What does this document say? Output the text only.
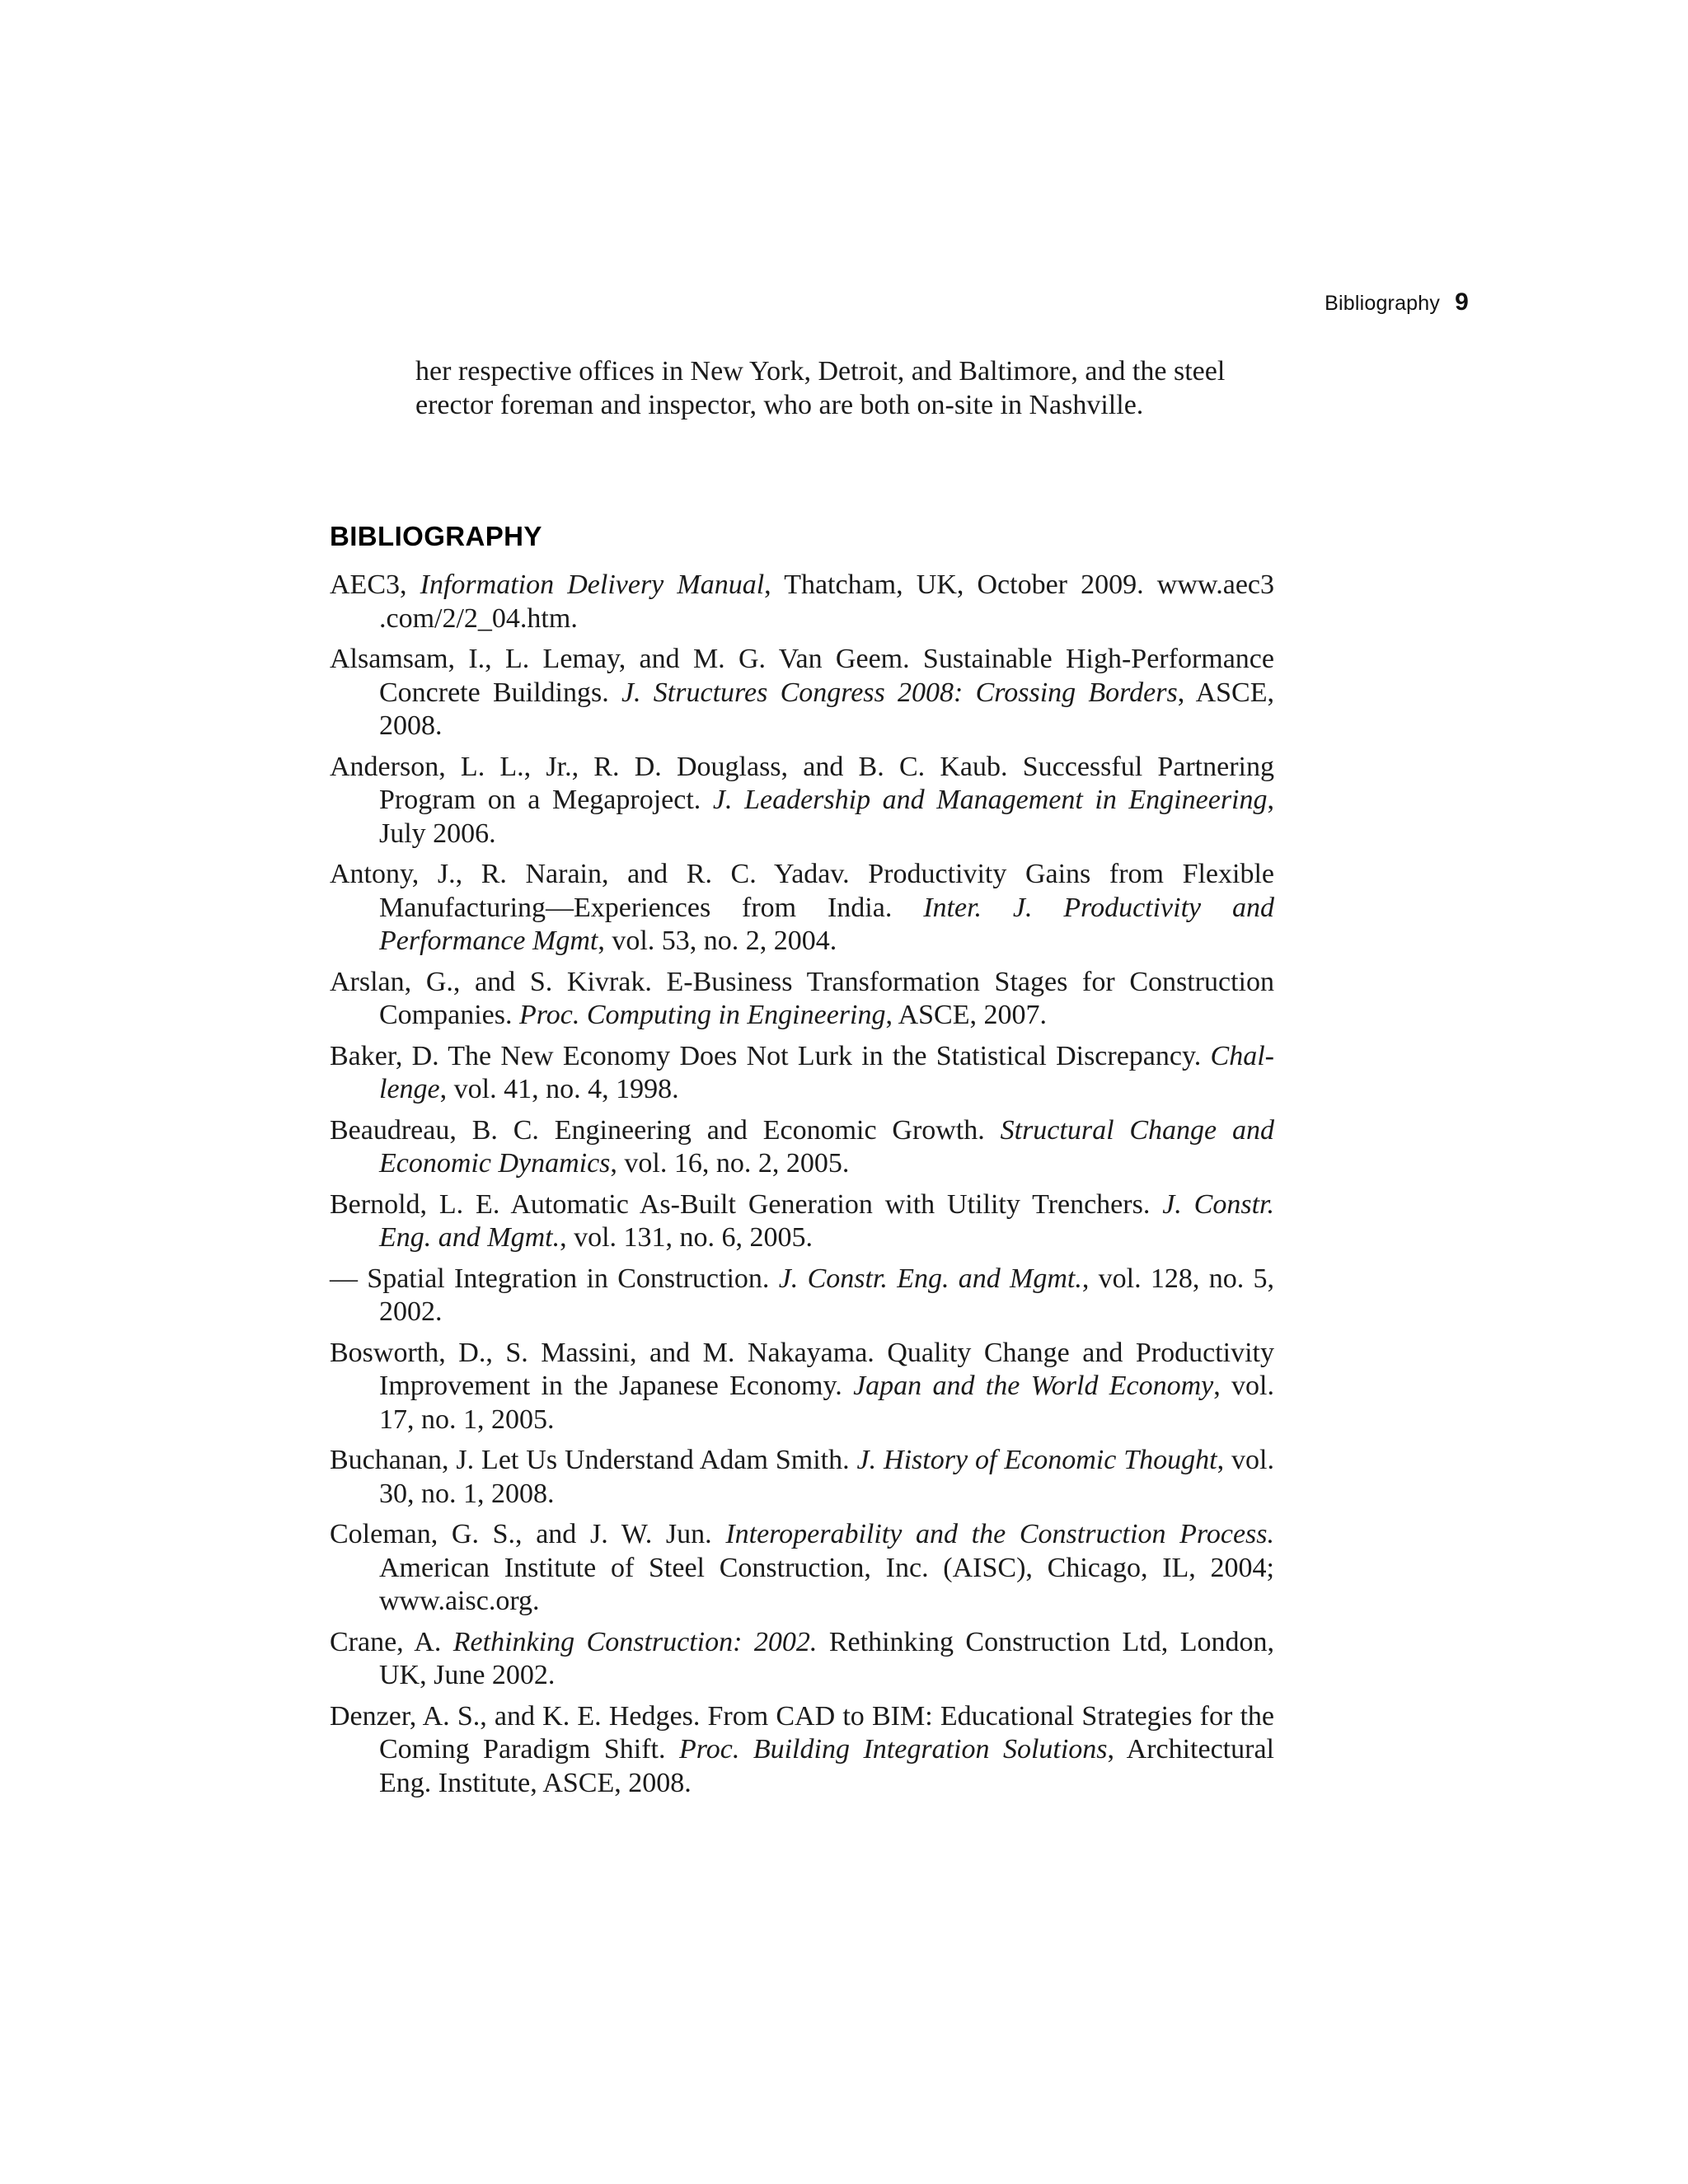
Bibliography 9

her respective offices in New York, Detroit, and Baltimore, and the steel erector foreman and inspector, who are both on-site in Nashville.

BIBLIOGRAPHY
AEC3, Information Delivery Manual, Thatcham, UK, October 2009. www.aec3 .com/2/2_04.htm.
Alsamsam, I., L. Lemay, and M. G. Van Geem. Sustainable High-Performance Concrete Buildings. J. Structures Congress 2008: Crossing Borders, ASCE, 2008.
Anderson, L. L., Jr., R. D. Douglass, and B. C. Kaub. Successful Partnering Program on a Megaproject. J. Leadership and Management in Engineering, July 2006.
Antony, J., R. Narain, and R. C. Yadav. Productivity Gains from Flexible Manufacturing—Experiences from India. Inter. J. Productivity and Performance Mgmt, vol. 53, no. 2, 2004.
Arslan, G., and S. Kivrak. E-Business Transformation Stages for Construction Companies. Proc. Computing in Engineering, ASCE, 2007.
Baker, D. The New Economy Does Not Lurk in the Statistical Discrepancy. Challenge, vol. 41, no. 4, 1998.
Beaudreau, B. C. Engineering and Economic Growth. Structural Change and Economic Dynamics, vol. 16, no. 2, 2005.
Bernold, L. E. Automatic As-Built Generation with Utility Trenchers. J. Constr. Eng. and Mgmt., vol. 131, no. 6, 2005.
— Spatial Integration in Construction. J. Constr. Eng. and Mgmt., vol. 128, no. 5, 2002.
Bosworth, D., S. Massini, and M. Nakayama. Quality Change and Productivity Improvement in the Japanese Economy. Japan and the World Economy, vol. 17, no. 1, 2005.
Buchanan, J. Let Us Understand Adam Smith. J. History of Economic Thought, vol. 30, no. 1, 2008.
Coleman, G. S., and J. W. Jun. Interoperability and the Construction Process. American Institute of Steel Construction, Inc. (AISC), Chicago, IL, 2004; www.aisc.org.
Crane, A. Rethinking Construction: 2002. Rethinking Construction Ltd, London, UK, June 2002.
Denzer, A. S., and K. E. Hedges. From CAD to BIM: Educational Strategies for the Coming Paradigm Shift. Proc. Building Integration Solutions, Architectural Eng. Institute, ASCE, 2008.
